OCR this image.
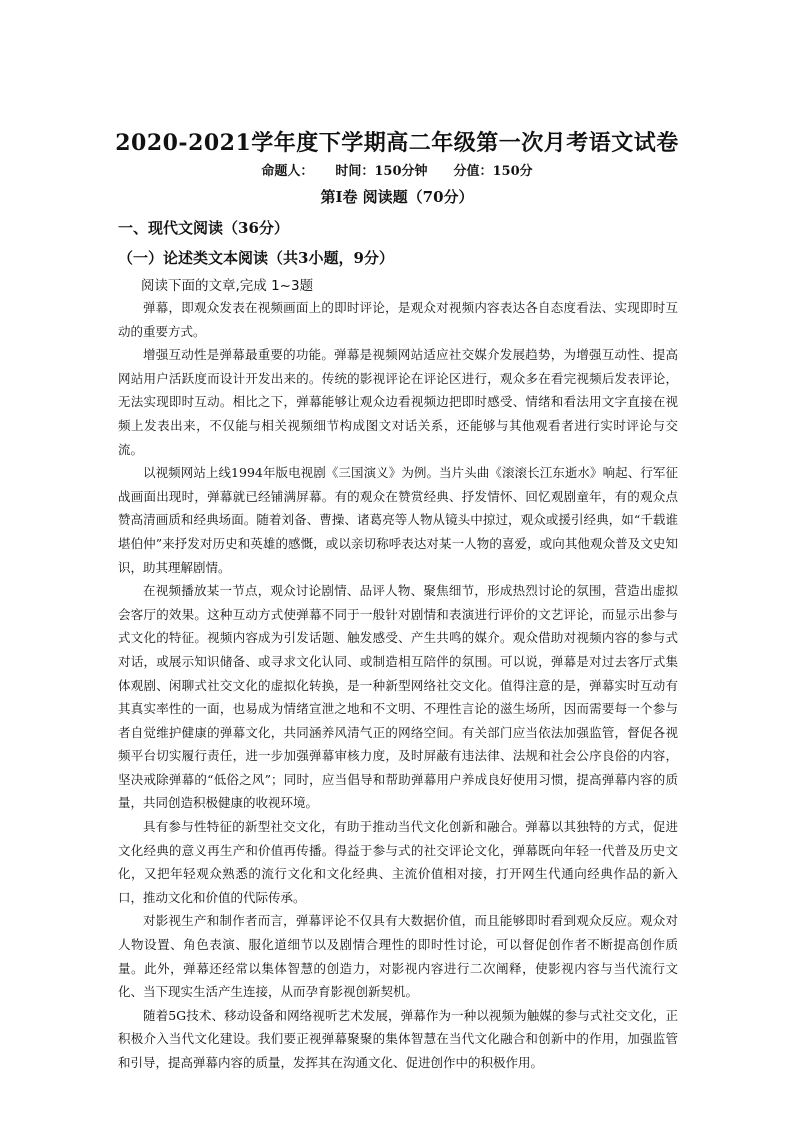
2020-2021学年度下学期高二年级第一次月考语文试卷
命题人： 时间：150分钟 分值：150分
第Ⅰ卷 阅读题（70分）
一、现代文阅读（36分）
（一）论述类文本阅读（共3小题，9分）
阅读下面的文章,完成 1~3题

弹幕，即观众发表在视频画面上的即时评论，是观众对视频内容表达各自态度看法、实现即时互动的重要方式。

增强互动性是弹幕最重要的功能。弹幕是视频网站适应社交媒介发展趋势，为增强互动性、提高网站用户活跃度而设计开发出来的。传统的影视评论在评论区进行，观众多在看完视频后发表评论，无法实现即时互动。相比之下，弹幕能够让观众边看视频边把即时感受、情绪和看法用文字直接在视频上发表出来，不仅能与相关视频细节构成图文对话关系，还能够与其他观看者进行实时评论与交流。

以视频网站上线1994年版电视剧《三国演义》为例。当片头曲《滚滚长江东逝水》响起、行军征战画面出现时，弹幕就已经铺满屏幕。有的观众在赞赏经典、抒发情怀、回忆观剧童年，有的观众点赞高清画质和经典场面。随着刘备、曹操、诸葛亮等人物从镜头中掠过，观众或援引经典，如“千载谁堪伯仲”来抒发对历史和英雄的感慨，或以亲切称呼表达对某一人物的喜爱，或向其他观众普及文史知识，助其理解剧情。

在视频播放某一节点，观众讨论剧情、品评人物、聚焦细节，形成热烈讨论的氛围，营造出虚拟会客厅的效果。这种互动方式使弹幕不同于一般针对剧情和表演进行评价的文艺评论，而显示出参与式文化的特征。视频内容成为引发话题、触发感受、产生共鸣的媒介。观众借助对视频内容的参与式对话，或展示知识储备、或寻求文化认同、或制造相互陪伴的氛围。可以说，弹幕是对过去客厅式集体观剧、闲聊式社交文化的虚拟化转换，是一种新型网络社交文化。值得注意的是，弹幕实时互动有其真实率性的一面，也易成为情绪宣泄之地和不文明、不理性言论的滋生场所，因而需要每一个参与者自觉维护健康的弹幕文化，共同涵养风清气正的网络空间。有关部门应当依法加强监管，督促各视频平台切实履行责任，进一步加强弹幕审核力度，及时屏蔽有违法律、法规和社会公序良俗的内容，坚决戒除弹幕的“低俗之风”；同时，应当倡导和帮助弹幕用户养成良好使用习惯，提高弹幕内容的质量，共同创造积极健康的收视环境。

具有参与性特征的新型社交文化，有助于推动当代文化创新和融合。弹幕以其独特的方式，促进文化经典的意义再生产和价值再传播。得益于参与式的社交评论文化，弹幕既向年轻一代普及历史文化，又把年轻观众熟悉的流行文化和文化经典、主流价值相对接，打开网生代通向经典作品的新入口，推动文化和价值的代际传承。

对影视生产和制作者而言，弹幕评论不仅具有大数据价值，而且能够即时看到观众反应。观众对人物设置、角色表演、服化道细节以及剧情合理性的即时性讨论，可以督促创作者不断提高创作质量。此外，弹幕还经常以集体智慧的创造力，对影视内容进行二次阐释，使影视内容与当代流行文化、当下现实生活产生连接，从而孕育影视创新契机。

随着5G技术、移动设备和网络视听艺术发展，弹幕作为一种以视频为触媒的参与式社交文化，正积极介入当代文化建设。我们要正视弹幕聚聚的集体智慧在当代文化融合和创新中的作用，加强监管和引导，提高弹幕内容的质量，发挥其在沟通文化、促进创作中的积极作用。
